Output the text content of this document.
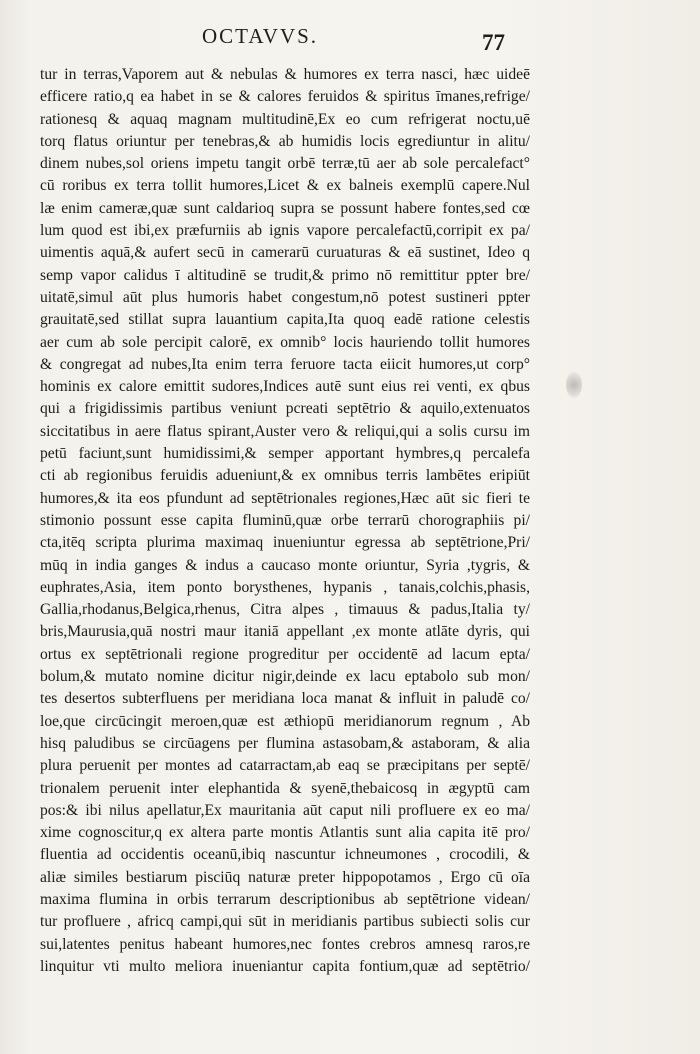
OCTAVVS.	77
tur in terras,Vaporem aut & nebulas & humores ex terra nasci, hæc uideē
efficere ratio,q ea habet in se & calores feruidos & spiritus īmanes,refrige/
rationesq & aquaq magnam multitudinē,Ex eo cum refrigerat noctu,uē
torq flatus oriuntur per tenebras,& ab humidis locis egrediuntur in alitu/
dinem nubes,sol oriens impetu tangit orbē terræ,tū aer ab sole percalefact°
cū roribus ex terra tollit humores,Licet & ex balneis exemplū capere.Nul
læ enim cameræ,quæ sunt caldarioq supra se possunt habere fontes,sed cœ
lum quod est ibi,ex præfurniis ab ignis vapore percalefactū,corripit ex pa/
uimentis aquā,& aufert secū in camerarū curuaturas & eā sustinet, Ideo q
semp vapor calidus ī altitudinē se trudit,& primo nō remittitur ppter bre/
uitatē,simul aūt plus humoris habet congestum,nō potest sustineri ppter
grauitatē,sed stillat supra lauantium capita,Ita quoq eadē ratione celestis
aer cum ab sole percipit calorē, ex omnib° locis hauriendo tollit humores
& congregat ad nubes,Ita enim terra feruore tacta eiicit humores,ut corp°
hominis ex calore emittit sudores,Indices autē sunt eius rei venti, ex qbus
qui a frigidissimis partibus veniunt pcreati septētrio & aquilo,extenuatos
siccitatibus in aere flatus spirant,Auster vero & reliqui,qui a solis cursu im
petū faciunt,sunt humidissimi,& semper apportant hymbres,q percalefa
cti ab regionibus feruidis adueniunt,& ex omnibus terris lambētes eripiūt
humores,& ita eos pfundunt ad septētrionales regiones,Hæc aūt sic fieri te
stimonio possunt esse capita fluminū,quæ orbe terrarū chorographiis pi/
cta,itēq scripta plurima maximaq inueniuntur egressa ab septētrione,Pri/
mūq in india ganges & indus a caucaso monte oriuntur, Syria ,tygris, &
euphrates,Asia, item ponto borysthenes, hypanis , tanais,colchis,phasis,
Gallia,rhodanus,Belgica,rhenus, Citra alpes , timauus & padus,Italia ty/
bris,Maurusia,quā nostri maur itaniā appellant ,ex monte atlāte dyris, qui
ortus ex septētrionali regione progreditur per occidentē ad lacum epta/
bolum,& mutato nomine dicitur nigir,deinde ex lacu eptabolo sub mon/
tes desertos subterfluens per meridiana loca manat & influit in paludē co/
loe,que circūcingit meroen,quæ est æthiopū meridianorum regnum , Ab
hisq paludibus se circūagens per flumina astasobam,& astaboram, & alia
plura peruenit per montes ad catarractam,ab eaq se præcipitans per septē/
trionalem peruenit inter elephantida & syenē,thebaicosq in ægyptū cam
pos:& ibi nilus apellatur,Ex mauritania aūt caput nili profluere ex eo ma/
xime cognoscitur,q ex altera parte montis Atlantis sunt alia capita itē pro/
fluentia ad occidentis oceanū,ibiq nascuntur ichneumones , crocodili, &
aliæ similes bestiarum pisciūq naturæ preter hippopotamos , Ergo cū oīa
maxima flumina in orbis terrarum descriptionibus ab septētrione videan/
tur profluere , africq campi,qui sūt in meridianis partibus subiecti solis cur
sui,latentes penitus habeant humores,nec fontes crebros amnesq raros,re
linquitur vti multo meliora inueniantur capita fontium,quæ ad septētrio/
